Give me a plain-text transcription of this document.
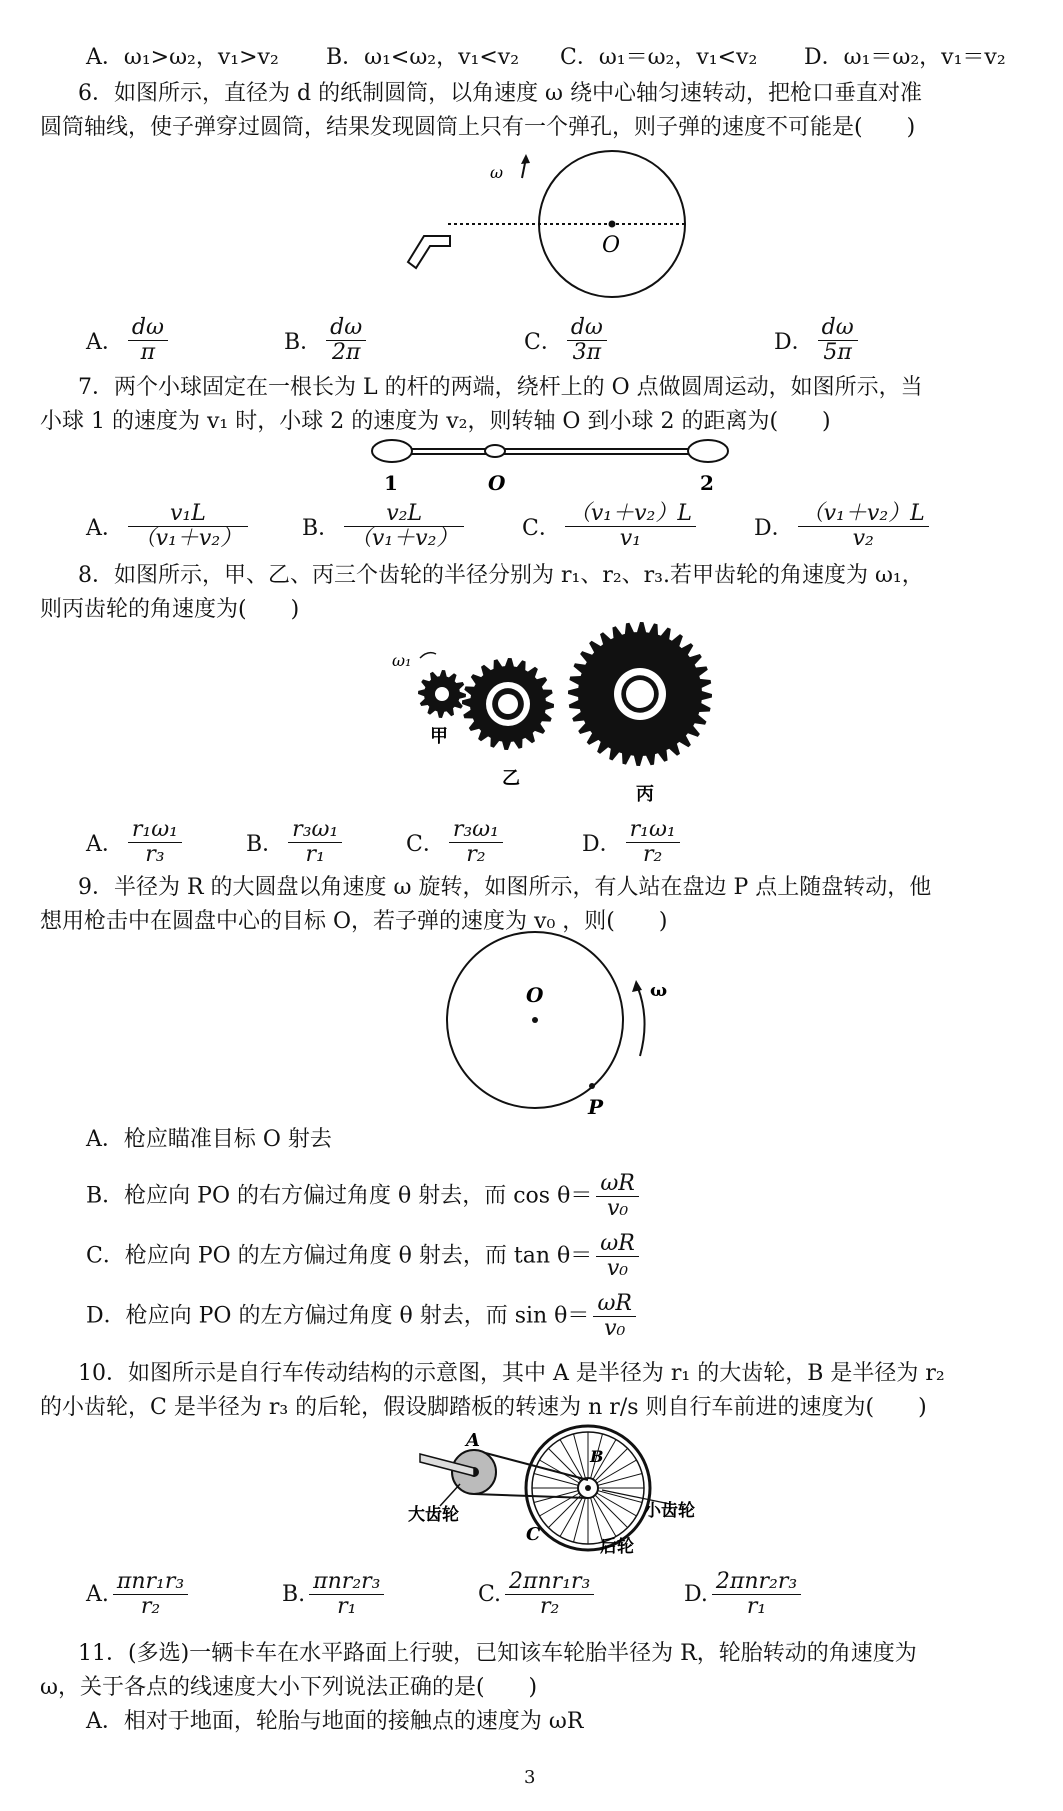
A．ω₁>ω₂，v₁>v₂ B．ω₁<ω₂，v₁<v₂ C．ω₁＝ω₂，v₁<v₂ D．ω₁＝ω₂，v₁＝v₂
6．如图所示，直径为 d 的纸制圆筒，以角速度 ω 绕中心轴匀速转动，把枪口垂直对准
圆筒轴线，使子弹穿过圆筒，结果发现圆筒上只有一个弹孔，则子弹的速度不可能是(　　)
ω
O
A． $\frac{d\omega}{\pi}$	B． $\frac{d\omega}{2\pi}$	C． $\frac{d\omega}{3\pi}$	D． $\frac{d\omega}{5\pi}$
7．两个小球固定在一根长为 L 的杆的两端，绕杆上的 O 点做圆周运动，如图所示，当
小球 1 的速度为 v₁ 时，小球 2 的速度为 v₂，则转轴 O 到小球 2 的距离为(　　)
1	O	2
A． $\frac{\text{v₁L}}{\text{（v₁＋v₂）}}$ B． $\frac{\text{v₂L}}{\text{（v₁＋v₂）}}$	C． $\frac{\text{（v₁＋v₂）L}}{\text{v₁}}$	D． $\frac{\text{（v₁＋v₂）L}}{\text{v₂}}$
8．如图所示，甲、乙、丙三个齿轮的半径分别为 r₁、r₂、r₃.若甲齿轮的角速度为 ω₁，
则丙齿轮的角速度为(　　)
ω₁
甲
乙
丙
A． $\frac{\text{r₁ω₁}}{\text{r₃}}$	B． $\frac{\text{r₃ω₁}}{\text{r₁}}$	C． $\frac{\text{r₃ω₁}}{\text{r₂}}$	D． $\frac{\text{r₁ω₁}}{\text{r₂}}$
9．半径为 R 的大圆盘以角速度 ω 旋转，如图所示，有人站在盘边 P 点上随盘转动，他
想用枪击中在圆盘中心的目标 O，若子弹的速度为 v₀ ，则(　　)
O	ω
P
A．枪应瞄准目标 O 射去
B．枪应向 PO 的右方偏过角度 θ 射去，而 $\cos \theta= \frac{\omega R}{\text{v₀}}$
C．枪应向 PO 的左方偏过角度 θ 射去，而 $\tan \theta= \frac{\omega R}{\text{v₀}}$
D．枪应向 PO 的左方偏过角度 θ 射去，而 $\sin \theta= \frac{\omega R}{\text{v₀}}$
10．如图所示是自行车传动结构的示意图，其中 A 是半径为 r₁ 的大齿轮，B 是半径为 r₂
的小齿轮，C 是半径为 r₃ 的后轮，假设脚踏板的转速为 n r/s 则自行车前进的速度为(　　)
A
B
C
大齿轮	小齿轮
后轮
A. $\frac{\text{πnr₁r₃}}{\text{r₂}}$	B. $\frac{\text{πnr₂r₃}}{\text{r₁}}$	C. $\frac{\text{2πnr₁r₃}}{\text{r₂}}$	D. $\frac{\text{2πnr₂r₃}}{\text{r₁}}$
11．(多选)一辆卡车在水平路面上行驶，已知该车轮胎半径为 R，轮胎转动的角速度为
ω，关于各点的线速度大小下列说法正确的是(　　)
A．相对于地面，轮胎与地面的接触点的速度为 ωR
3
